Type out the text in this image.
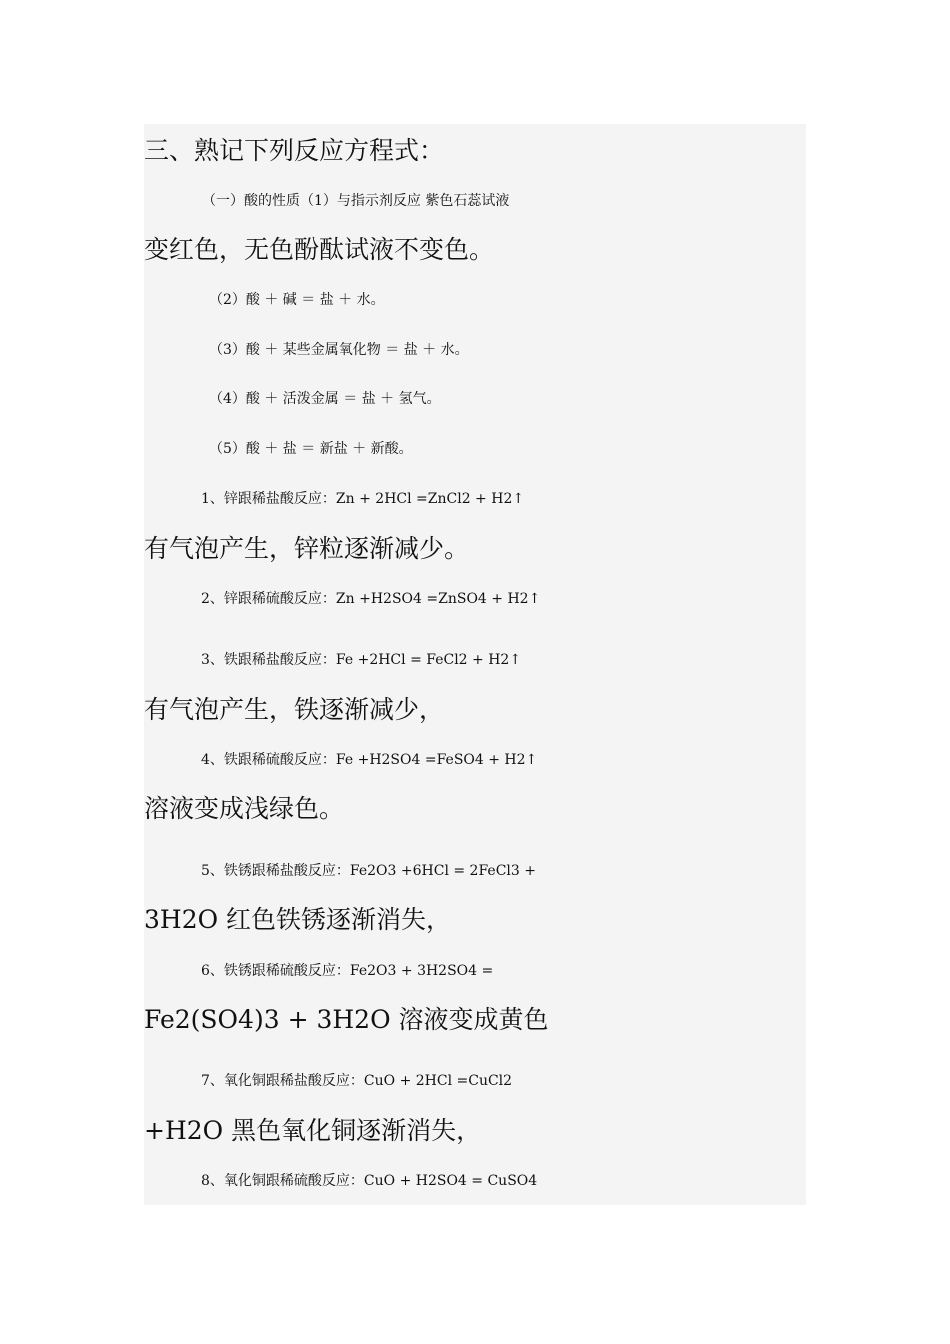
三、熟记下列反应方程式：
（一）酸的性质（1）与指示剂反应 紫色石蕊试液
变红色，无色酚酞试液不变色。
（2）酸 ＋ 碱 ＝ 盐 ＋ 水。
（3）酸 ＋ 某些金属氧化物 ＝ 盐 ＋ 水。
（4）酸 ＋ 活泼金属 ＝ 盐 ＋ 氢气。
（5）酸 ＋ 盐 ＝ 新盐 ＋ 新酸。
1、锌跟稀盐酸反应：Zn + 2HCl =ZnCl2 + H2↑
有气泡产生，锌粒逐渐减少。
2、锌跟稀硫酸反应：Zn +H2SO4 =ZnSO4 + H2↑
3、铁跟稀盐酸反应：Fe +2HCl = FeCl2 + H2↑
有气泡产生，铁逐渐减少，
4、铁跟稀硫酸反应：Fe +H2SO4 =FeSO4 + H2↑
溶液变成浅绿色。
5、铁锈跟稀盐酸反应：Fe2O3 +6HCl = 2FeCl3 +
3H2O 红色铁锈逐渐消失，
6、铁锈跟稀硫酸反应：Fe2O3 + 3H2SO4 =
Fe2(SO4)3 + 3H2O 溶液变成黄色
7、氧化铜跟稀盐酸反应：CuO + 2HCl =CuCl2
+H2O 黑色氧化铜逐渐消失，
8、氧化铜跟稀硫酸反应：CuO + H2SO4 = CuSO4
